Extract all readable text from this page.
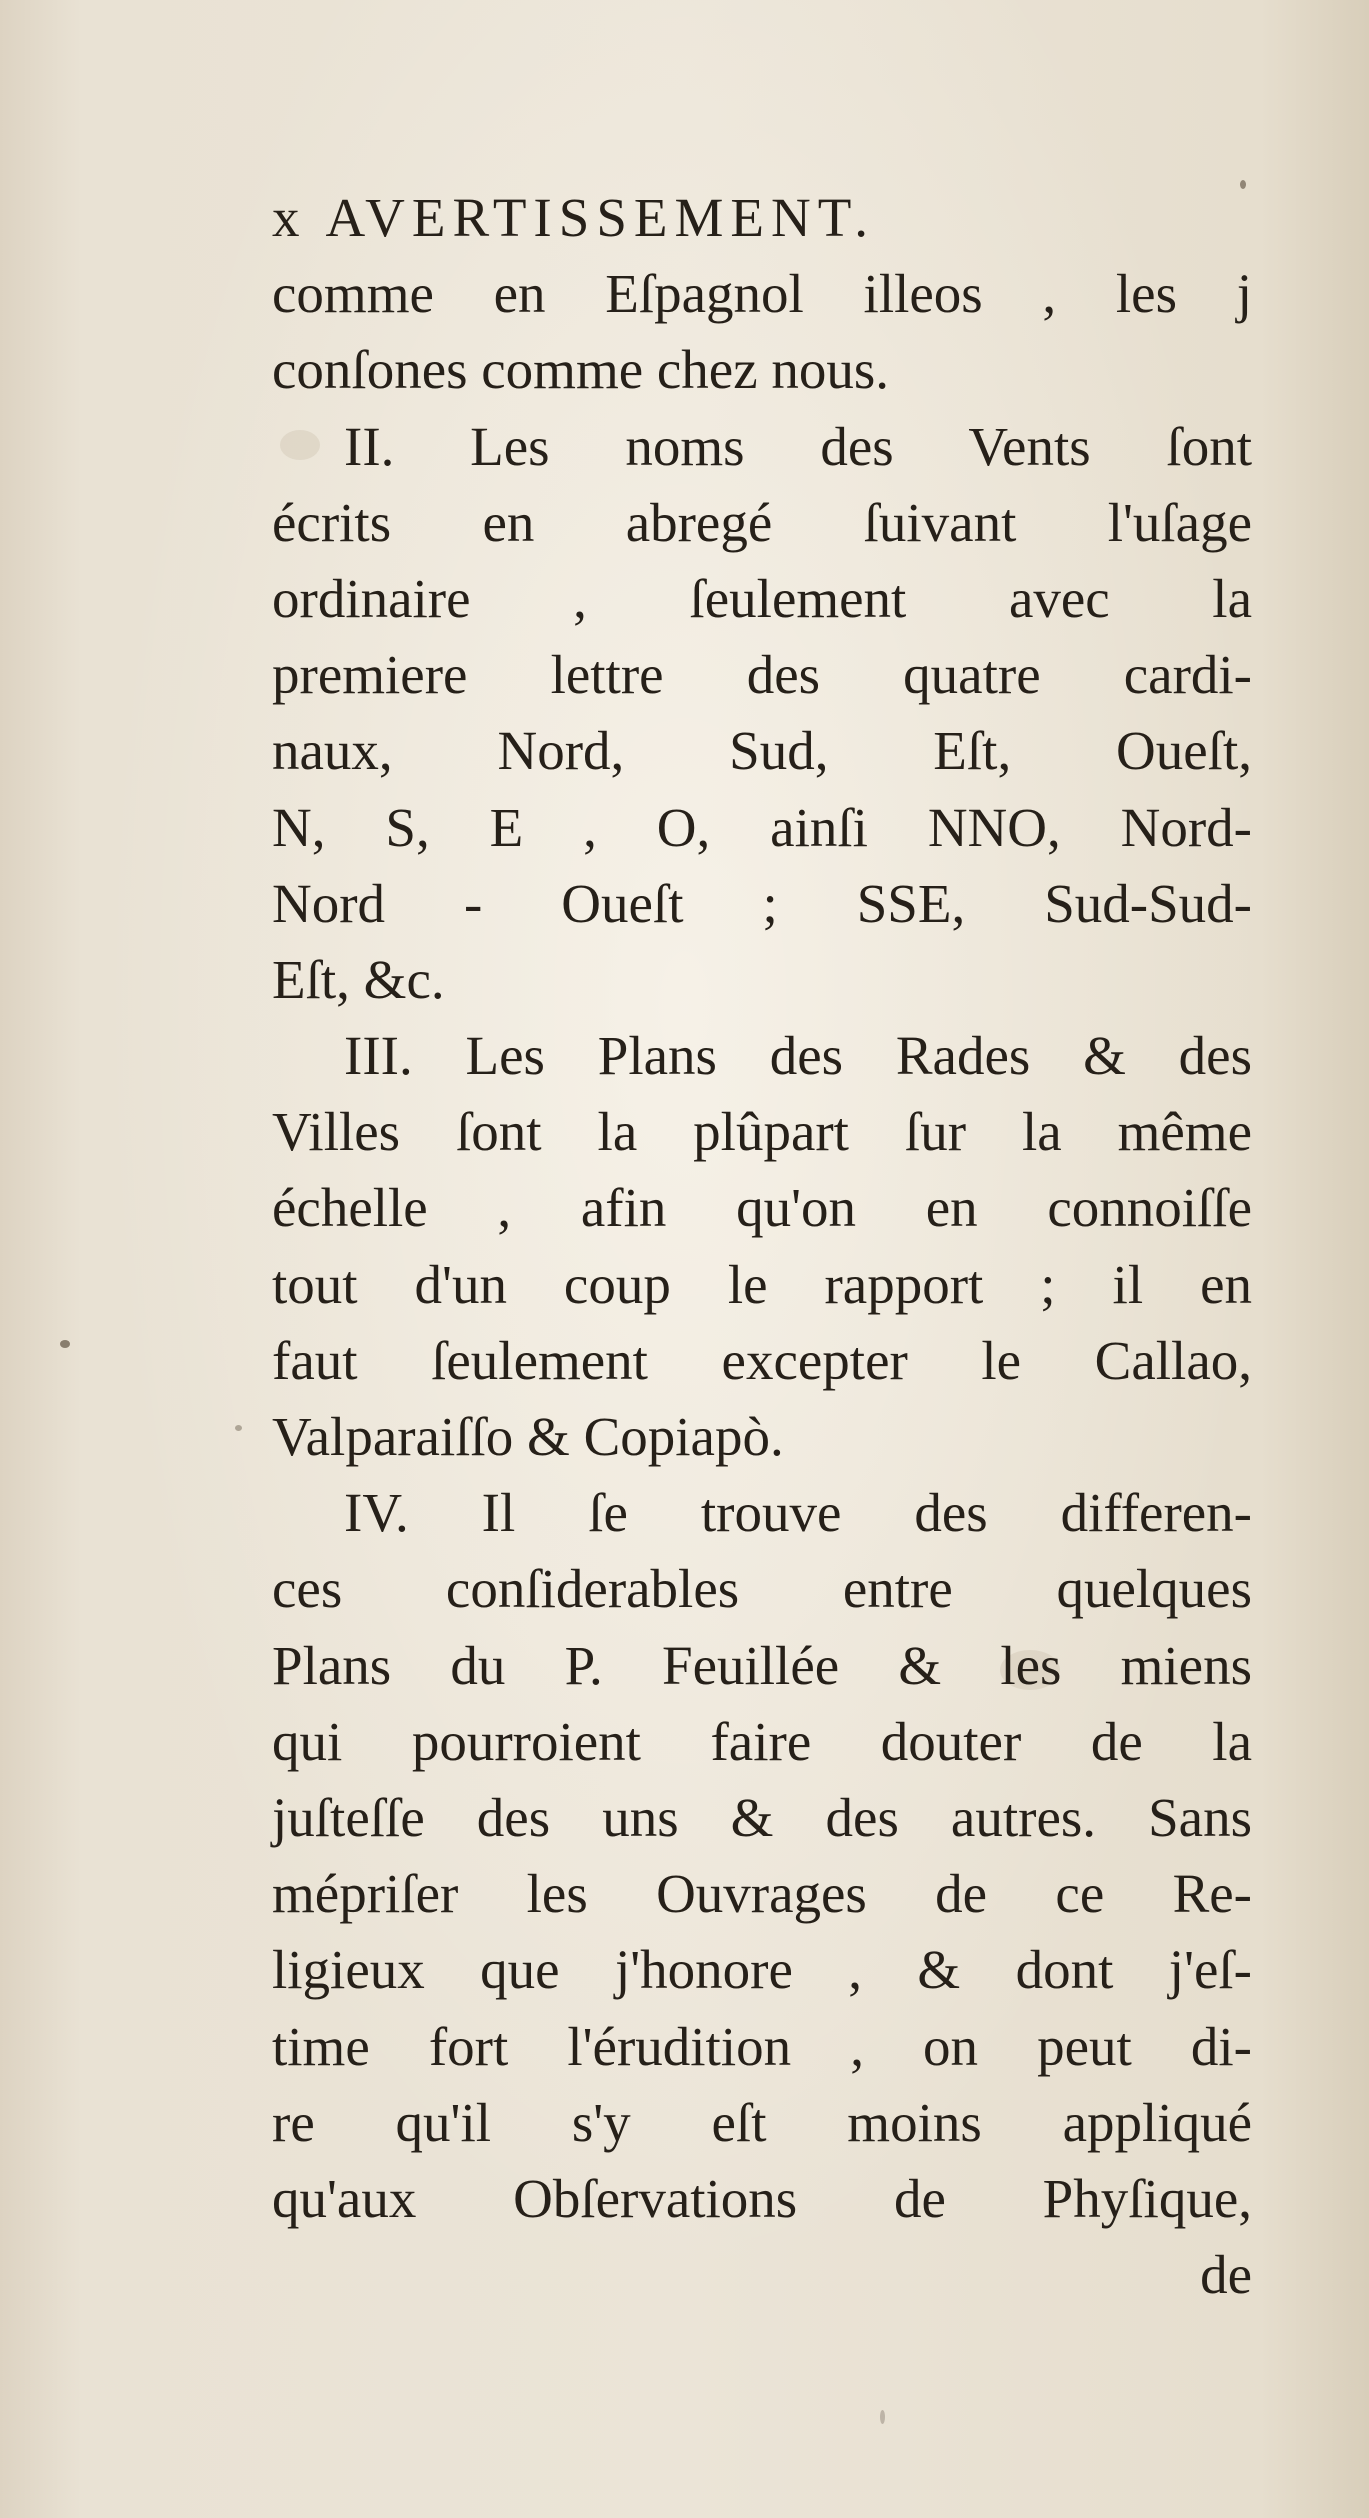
x AVERTISSEMENT.
comme en Eſpagnol illeos , les j
conſones comme chez nous.
II. Les noms des Vents ſont
écrits en abregé ſuivant l'uſage
ordinaire , ſeulement avec la
premiere lettre des quatre cardi-
naux, Nord, Sud, Eſt, Oueſt,
N, S, E , O, ainſi NNO, Nord-
Nord - Oueſt ; SSE, Sud-Sud-
Eſt, &c.
III. Les Plans des Rades & des
Villes ſont la plûpart ſur la même
échelle , afin qu'on en connoiſſe
tout d'un coup le rapport ; il en
faut ſeulement excepter le Callao,
Valparaiſſo & Copiapò.
IV. Il ſe trouve des differen-
ces conſiderables entre quelques
Plans du P. Feuillée & les miens
qui pourroient faire douter de la
juſteſſe des uns & des autres. Sans
mépriſer les Ouvrages de ce Re-
ligieux que j'honore , & dont j'eſ-
time fort l'érudition , on peut di-
re qu'il s'y eſt moins appliqué
qu'aux Obſervations de Phyſique,
de
